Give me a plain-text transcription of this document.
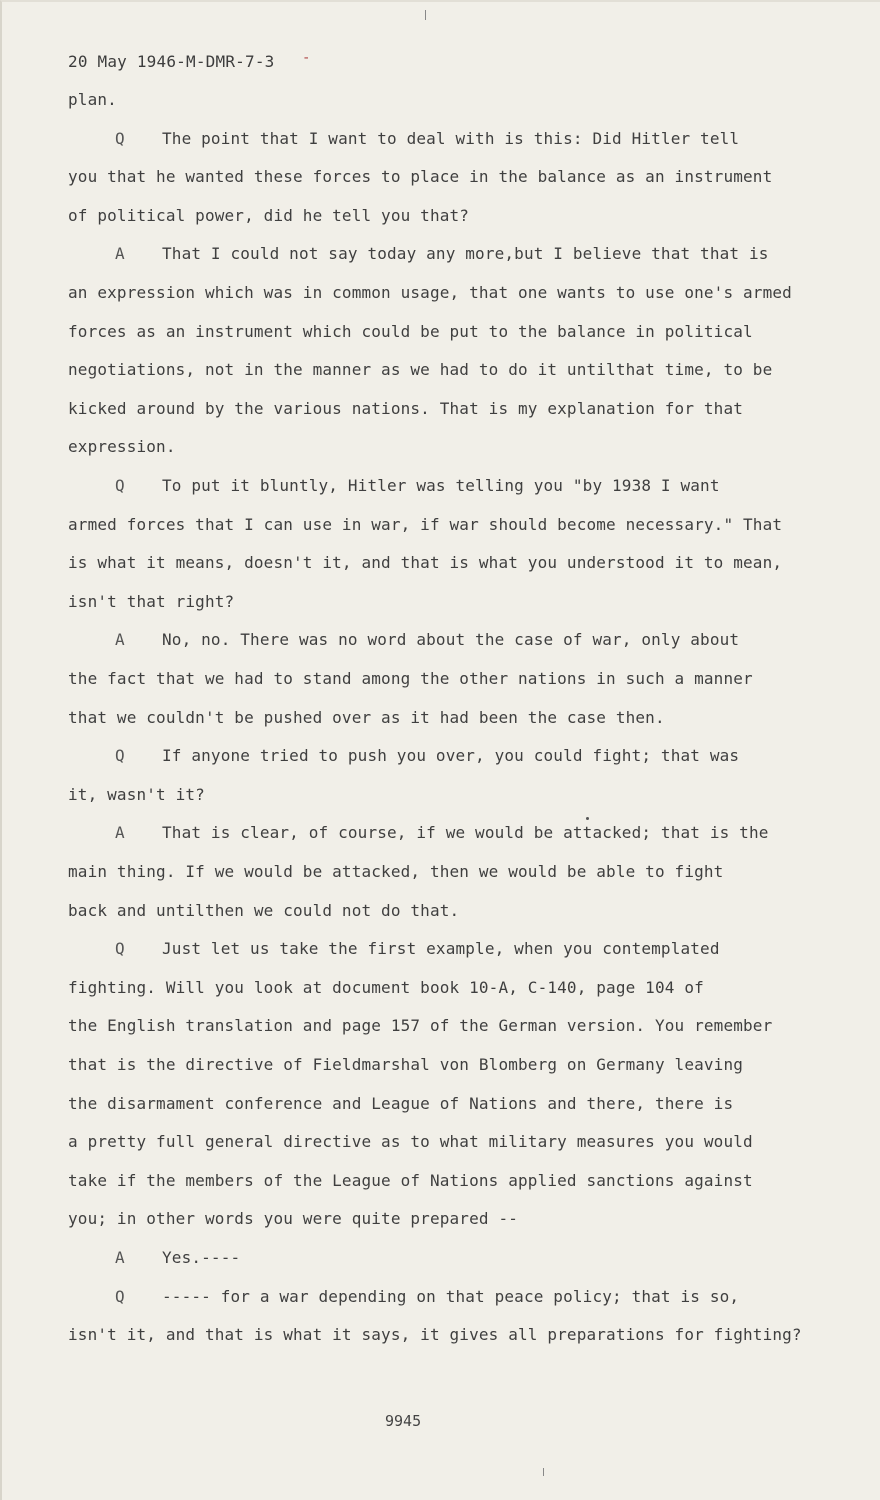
20 May 1946-M-DMR-7-3 -
plan.
Q The point that I want to deal with is this: Did Hitler tell
you that he wanted these forces to place in the balance as an instrument
of political power, did he tell you that?
A That I could not say today any more,but I believe that that is
an expression which was in common usage, that one wants to use one's armed
forces as an instrument which could be put to the balance in political
negotiations, not in the manner as we had to do it untilthat time, to be
kicked around by the various nations. That is my explanation for that
expression.
Q To put it bluntly, Hitler was telling you "by 1938 I want
armed forces that I can use in war, if war should become necessary." That
is what it means, doesn't it, and that is what you understood it to mean,
isn't that right?
A No, no. There was no word about the case of war, only about
the fact that we had to stand among the other nations in such a manner
that we couldn't be pushed over as it had been the case then.
Q If anyone tried to push you over, you could fight; that was
it, wasn't it?
A That is clear, of course, if we would be attacked; that is the
main thing. If we would be attacked, then we would be able to fight
back and untilthen we could not do that.
Q Just let us take the first example, when you contemplated
fighting. Will you look at document book 10-A, C-140, page 104 of
the English translation and page 157 of the German version. You remember
that is the directive of Fieldmarshal von Blomberg on Germany leaving
the disarmament conference and League of Nations and there, there is
a pretty full general directive as to what military measures you would
take if the members of the League of Nations applied sanctions against
you; in other words you were quite prepared --
A Yes.----
Q ----- for a war depending on that peace policy; that is so,
isn't it, and that is what it says, it gives all preparations for fighting?
9945
